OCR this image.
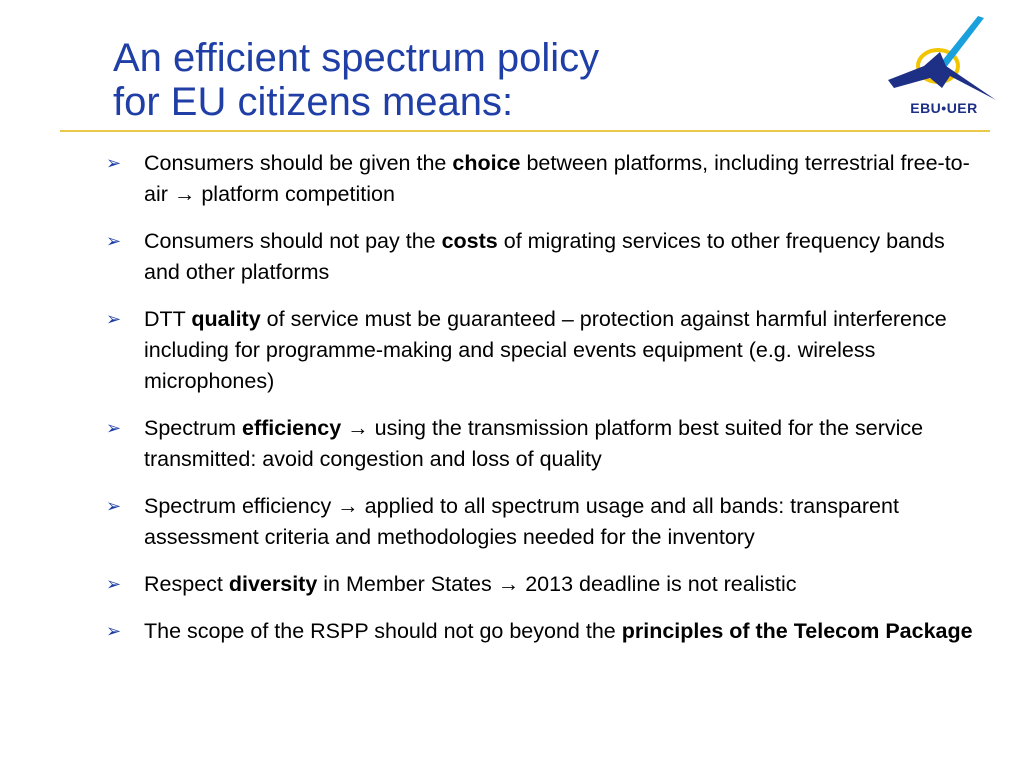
An efficient spectrum policy
for EU citizens means:	EBU•UER
➢	Consumers should be given the choice between platforms, including terrestrial free-to-air → platform competition
➢	Consumers should not pay the costs of migrating services to other frequency bands and other platforms
➢	DTT quality of service must be guaranteed – protection against harmful interference including for programme-making and special events equipment (e.g. wireless microphones)
➢	Spectrum efficiency → using the transmission platform best suited for the service transmitted: avoid congestion and loss of quality
➢	Spectrum efficiency → applied to all spectrum usage and all bands: transparent assessment criteria and methodologies needed for the inventory
➢	Respect diversity in Member States → 2013 deadline is not realistic
➢	The scope of the RSPP should not go beyond the principles of the Telecom Package
